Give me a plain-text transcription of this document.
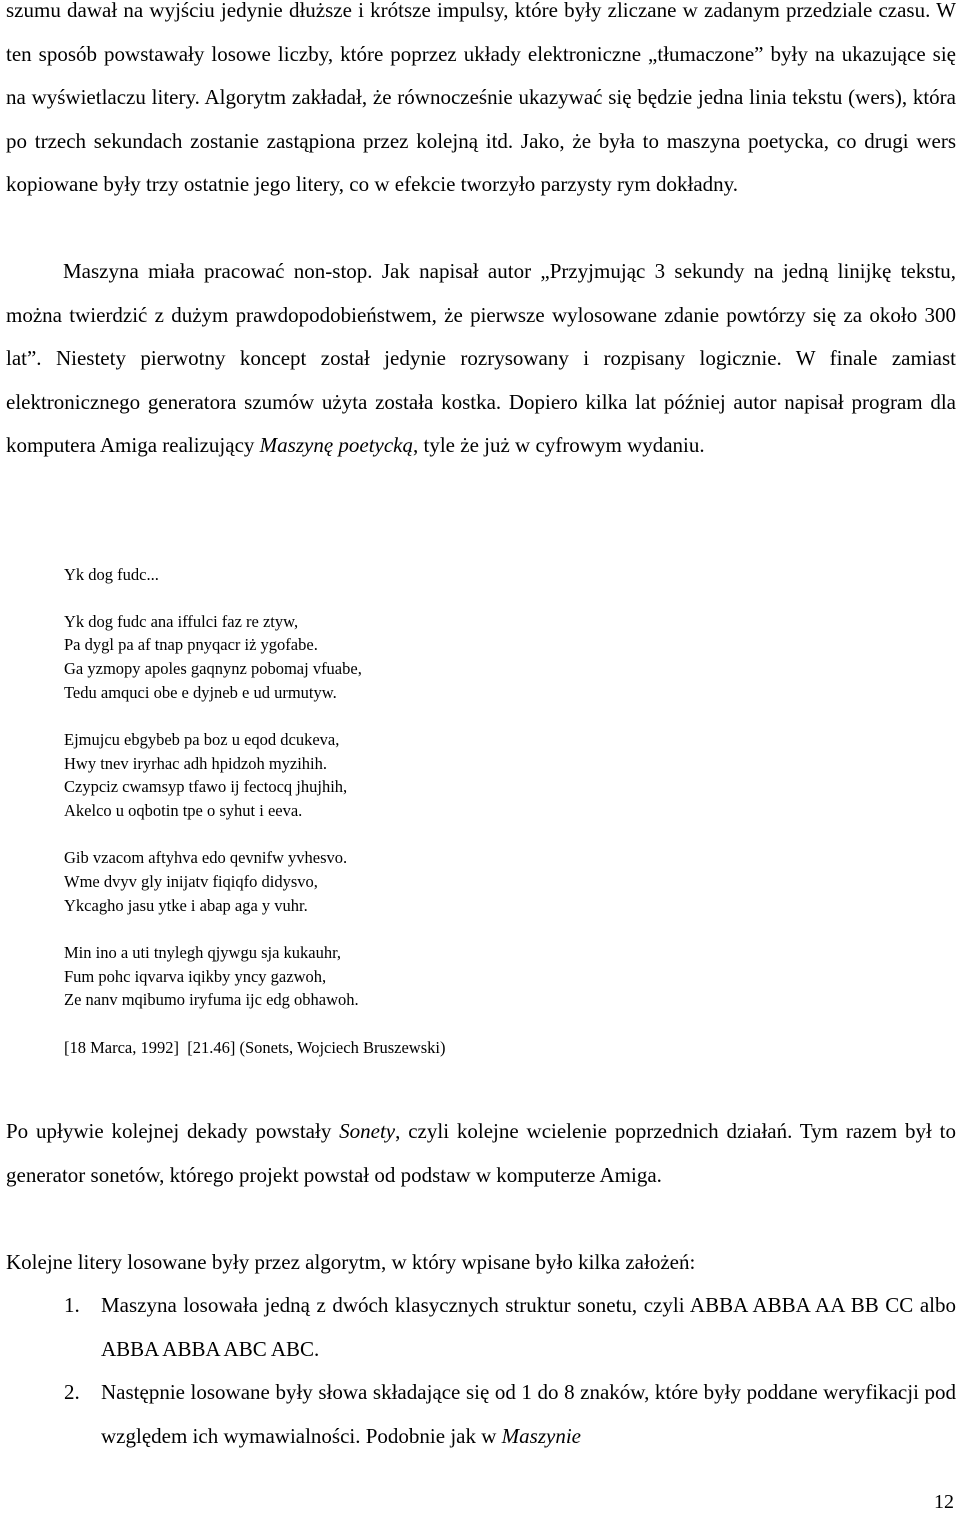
szumu dawał na wyjściu jedynie dłuższe i krótsze impulsy, które były zliczane w zadanym przedziale czasu. W ten sposób powstawały losowe liczby, które poprzez układy elektroniczne „tłumaczone” były na ukazujące się na wyświetlaczu litery. Algorytm zakładał, że równocześnie ukazywać się będzie jedna linia tekstu (wers), która po trzech sekundach zostanie zastąpiona przez kolejną itd. Jako, że była to maszyna poetycka, co drugi wers kopiowane były trzy ostatnie jego litery, co w efekcie tworzyło parzysty rym dokładny.

Maszyna miała pracować non-stop. Jak napisał autor „Przyjmując 3 sekundy na jedną linijkę tekstu, można twierdzić z dużym prawdopodobieństwem, że pierwsze wylosowane zdanie powtórzy się za około 300 lat”. Niestety pierwotny koncept został jedynie rozrysowany i rozpisany logicznie. W finale zamiast elektronicznego generatora szumów użyta została kostka. Dopiero kilka lat później autor napisał program dla komputera Amiga realizujący Maszynę poetycką, tyle że już w cyfrowym wydaniu.

Yk dog fudc...
Yk dog fudc ana iffulci faz re ztyw,
Pa dygl pa af tnap pnyqacr iż ygofabe.
Ga yzmopy apoles gaqnynz pobomaj vfuabe,
Tedu amquci obe e dyjneb e ud urmutyw.
Ejmujcu ebgybeb pa boz u eqod dcukeva,
Hwy tnev iryrhac adh hpidzoh myzihih.
Czypciz cwamsyp tfawo ij fectocq jhujhih,
Akelco u oqbotin tpe o syhut i eeva.
Gib vzacom aftyhva edo qevnifw yvhesvo.
Wme dvyv gly inijatv fiqiqfo didysvo,
Ykcagho jasu ytke i abap aga y vuhr.
Min ino a uti tnylegh qjywgu sja kukauhr,
Fum pohc iqvarva iqikby yncy gazwoh,
Ze nanv mqibumo iryfuma ijc edg obhawoh.
[18 Marca, 1992]  [21.46] (Sonets, Wojciech Bruszewski)

Po upływie kolejnej dekady powstały Sonety, czyli kolejne wcielenie poprzednich działań. Tym razem był to generator sonetów, którego projekt powstał od podstaw w komputerze Amiga.

Kolejne litery losowane były przez algorytm, w który wpisane było kilka założeń:

1.	Maszyna losowała jedną z dwóch klasycznych struktur sonetu, czyli ABBA ABBA AA BB CC albo ABBA ABBA ABC ABC.
2.	Następnie losowane były słowa składające się od 1 do 8 znaków, które były poddane weryfikacji pod względem ich wymawialności. Podobnie jak w Maszynie
12
